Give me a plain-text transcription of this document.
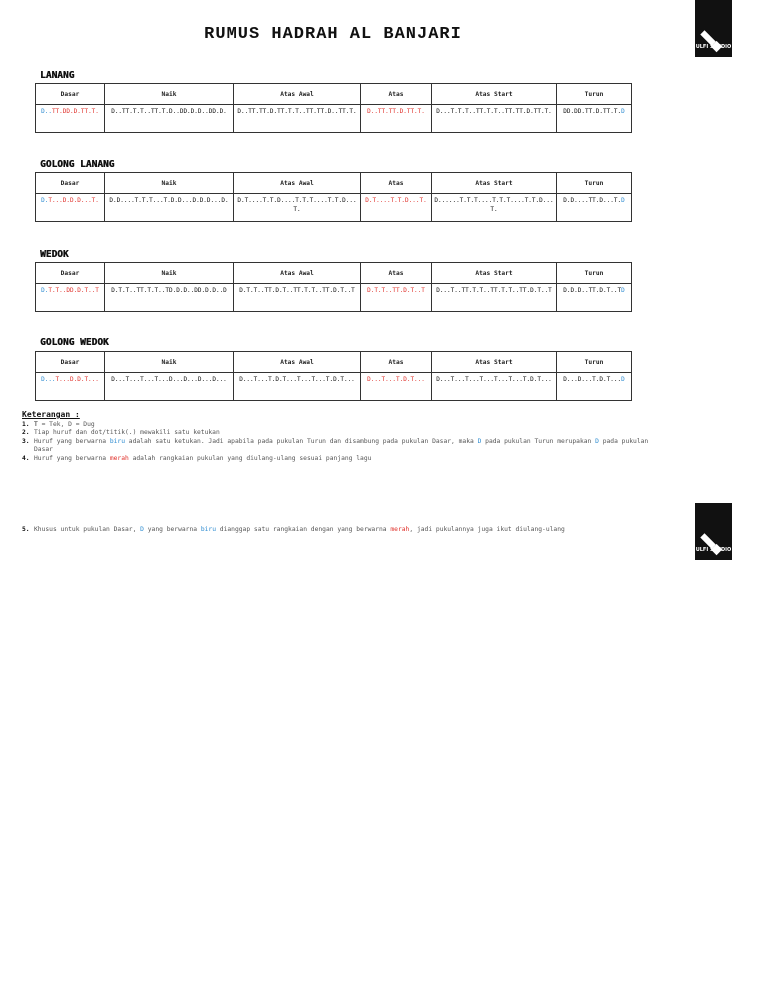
RUMUS HADRAH AL BANJARI
ULFI STUDIO
ULFI STUDIO
LANANG
Dasar	Naik	Atas Awal	Atas	Atas Start	Turun
D..TT.DD.D.TT.T.	D..TT.T.T..TT.T.D..DD.D.D..DD.D.	D..TT.TT.D.TT.T.T..TT.TT.D..TT.T.	D..TT.TT.D.TT.T.	D...T.T.T..TT.T.T..TT.TT.D.TT.T.	DD.DD.TT.D.TT.T.D
GOLONG LANANG
Dasar	Naik	Atas Awal	Atas	Atas Start	Turun
D.T...D.D.D...T.	D.D....T.T.T...T.D.D...D.D.D...D.	D.T....T.T.D....T.T.T....T.T.D...T.	D.T....T.T.D...T.	D......T.T.T....T.T.T....T.T.D...T.	D.D....TT.D...T.D
WEDOK
Dasar	Naik	Atas Awal	Atas	Atas Start	Turun
D.T.T..DD.D.T..T	D.T.T..TT.T.T..TD.D.D..DD.D.D..D	D.T.T..TT.D.T..TT.T.T..TT.D.T..T	D.T.T..TT.D.T..T	D...T..TT.T.T..TT.T.T..TT.D.T..T	D.D.D..TT.D.T..TD
GOLONG WEDOK
Dasar	Naik	Atas Awal	Atas	Atas Start	Turun
D...T...D.D.T...	D...T...T...T...D...D...D...D...	D...T...T.D.T...T...T...T.D.T...	D...T...T.D.T...	D...T...T...T...T...T...T.D.T...	D...D...T.D.T...D
Keterangan :
1. T = Tek, D = Dug
2. Tiap huruf dan dot/titik(.) mewakili satu ketukan
3. Huruf yang berwarna biru adalah satu ketukan. Jadi apabila pada pukulan Turun dan disambung pada pukulan Dasar, maka D pada pukulan Turun merupakan D pada pukulan Dasar
4. Huruf yang berwarna merah adalah rangkaian pukulan yang diulang-ulang sesuai panjang lagu
5. Khusus untuk pukulan Dasar, D yang berwarna biru dianggap satu rangkaian dengan yang berwarna merah, jadi pukulannya juga ikut diulang-ulang
